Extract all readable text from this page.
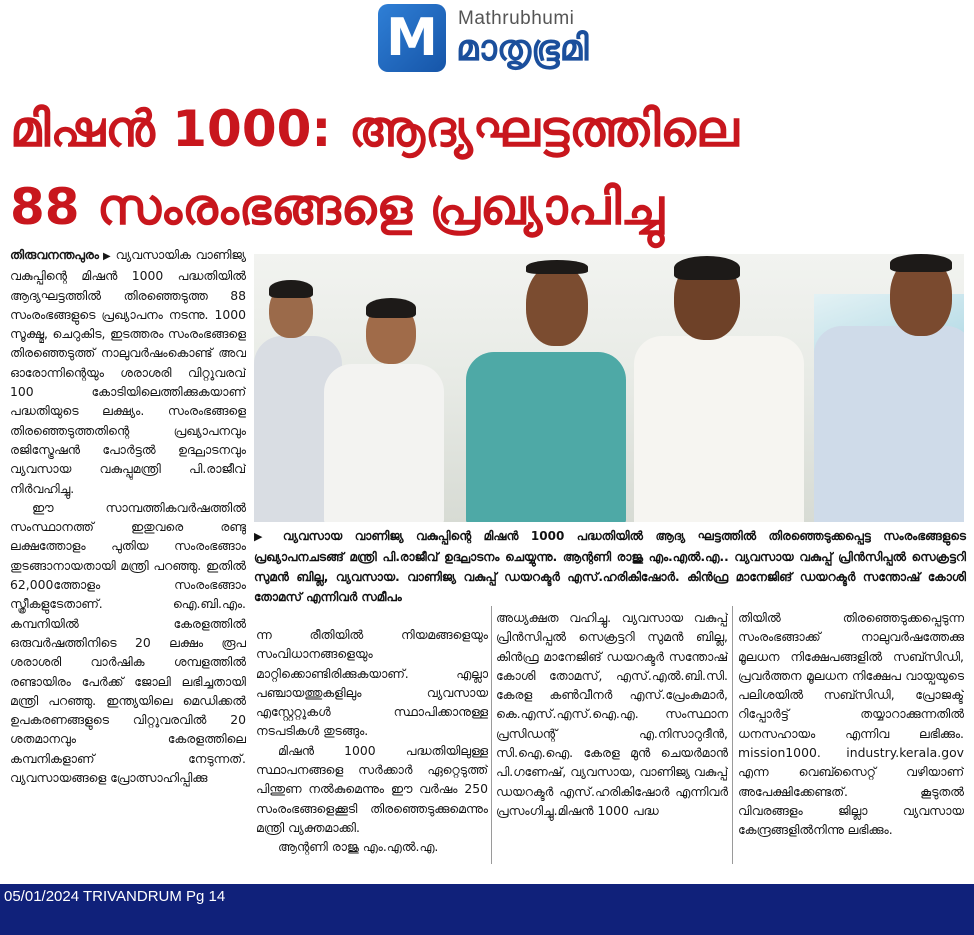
M	Mathrubhumi
മാതൃഭൂമി
മിഷൻ 1000: ആദ്യഘട്ടത്തിലെ
88 സംരംഭങ്ങളെ പ്രഖ്യാപിച്ചു

തിരുവനന്തപുരം ▶ വ്യവസായിക വാണിജ്യ വകുപ്പിന്റെ മിഷൻ 1000 പദ്ധതിയിൽ ആദ്യഘട്ടത്തിൽ തിരഞ്ഞെടുത്ത 88 സംരംഭങ്ങളുടെ പ്രഖ്യാപനം നടന്നു. 1000 സൂക്ഷ്മ, ചെറുകിട, ഇടത്തരം സംരംഭങ്ങളെ തിരഞ്ഞെടുത്ത് നാലുവർഷംകൊണ്ട് അവ ഓരോന്നിന്റെയും ശരാശരി വിറ്റുവരവ് 100 കോടിയിലെത്തിക്കുകയാണ് പദ്ധതിയുടെ ലക്ഷ്യം. സംരംഭങ്ങളെ തിരഞ്ഞെടുത്തതിന്റെ പ്രഖ്യാപനവും രജിസ്ട്രേഷൻ പോർട്ടൽ ഉദ്ഘാടനവും വ്യവസായ വകുപ്പുമന്ത്രി പി.രാജീവ് നിർവഹിച്ചു.

ഈ സാമ്പത്തികവർഷത്തിൽ സംസ്ഥാനത്ത് ഇതുവരെ രണ്ടു ലക്ഷത്തോളം പുതിയ സംരംഭങ്ങ‌ാം തുടങ്ങാനായതായി മന്ത്രി പറഞ്ഞു. ഇതിൽ 62,000ത്തോളം സംരംഭങ്ങ‌ാം സ്ത്രീകളുടേതാണ്. ഐ.ബി.എം. കമ്പനിയിൽ കേരളത്തിൽ ഒരുവർഷത്തിനിടെ 20 ലക്ഷം രൂപ ശരാശരി വാർഷിക ശമ്പളത്തിൽ രണ്ടായിരം പേർക്ക് ജോലി ലഭിച്ചതായി മന്ത്രി പറഞ്ഞു. ഇന്ത്യയിലെ മെഡിക്കൽ ഉപകരണങ്ങളുടെ വിറ്റുവരവിൽ 20 ശതമാനവും കേരളത്തിലെ കമ്പനികളാണ് നേടുന്നത്. വ്യവസായങ്ങളെ പ്രോത്സാഹിപ്പിക്കു

▶ വ്യവസായ വാണിജ്യ വകുപ്പിന്റെ മിഷൻ 1000 പദ്ധതിയിൽ ആദ്യ ഘട്ടത്തിൽ തിരഞ്ഞെടുക്കപ്പെട്ട സംരംഭങ്ങളുടെ പ്രഖ്യാപനചടങ്ങ് മന്ത്രി പി.രാജീവ് ഉദ്ഘാടനം ചെയ്യുന്നു. ആന്റണി രാജു എം.എൽ.എ.. വ്യവസായ വകുപ്പ് പ്രിൻസിപ്പൽ സെക്രട്ടറി സുമൻ ബില്ല, വ്യവസായ. വാണിജ്യ വകുപ്പ് ഡയറക്ടർ എസ്.ഹരികിഷോർ. കിൻഫ്ര മാനേജിങ് ഡയറക്ടർ സന്തോഷ് കോശി തോമസ് എന്നിവർ സമീപം

ന്ന രീതിയിൽ നിയമങ്ങളെയും സംവിധാനങ്ങളെയും മാറ്റിക്കൊണ്ടിരിക്കുകയാണ്. എല്ലാ പഞ്ചായത്തുകളിലും വ്യവസായ എസ്റ്റേറ്റുകൾ സ്ഥാപിക്കാനുള്ള നടപടികൾ തുടങ്ങും.

മിഷൻ 1000 പദ്ധതിയിലുള്ള സ്ഥാപനങ്ങളെ സർക്കാർ ഏറ്റെടുത്ത് പിന്തുണ നൽകുമെന്നും ഈ വർഷം 250 സംരംഭങ്ങളെക്കൂടി തിരഞ്ഞെടുക്കുമെന്നും മന്ത്രി വ്യക്തമാക്കി.

ആന്റണി രാജു എം.എൽ.എ.

അധ്യക്ഷത വഹിച്ചു. വ്യവസായ വകുപ്പ് പ്രിൻസിപ്പൽ സെക്രട്ടറി സുമൻ ബില്ല, കിൻഫ്ര മാനേജിങ് ഡയറക്ടർ സന്തോഷ് കോശി തോമസ്, എസ്.എൽ.ബി.സി. കേരള കൺവീനർ എസ്.പ്രേംകുമാർ, കെ.എസ്.എസ്.ഐ.എ. സംസ്ഥാന പ്രസിഡന്റ് എ.നിസാറുദീൻ, സി.ഐ.ഐ. കേരള മുൻ ചെയർമാൻ പി.ഗണേഷ്, വ്യവസായ, വാണിജ്യ വകുപ്പ് ഡയറക്ടർ എസ്.ഹരികിഷോർ എന്നിവർ പ്രസംഗിച്ചു.മിഷൻ 1000 പദ്ധ

തിയിൽ തിരഞ്ഞെടുക്കപ്പെടുന്ന സംരംഭങ്ങ‌ാക്ക് നാലുവർഷത്തേക്കു മൂലധന നിക്ഷേപങ്ങളിൽ സബ്സിഡി, പ്രവർത്തന മൂലധന നിക്ഷേപ വായ്പയുടെ പലിശയിൽ സബ്സിഡി, പ്രോജക്ട് റിപ്പോർട്ട് തയ്യാറാക്കുന്നതിൽ ധനസഹായം എന്നിവ ലഭിക്കും. mission1000. industry.kerala.gov എന്ന വെബ്സൈറ്റ് വഴിയാണ് അപേക്ഷിക്കേണ്ടത്. കൂടുതൽ വിവരങ്ങളം ജില്ലാ വ്യവസായ കേന്ദ്രങ്ങളിൽനിന്നു ലഭിക്കും.

05/01/2024 TRIVANDRUM Pg 14
